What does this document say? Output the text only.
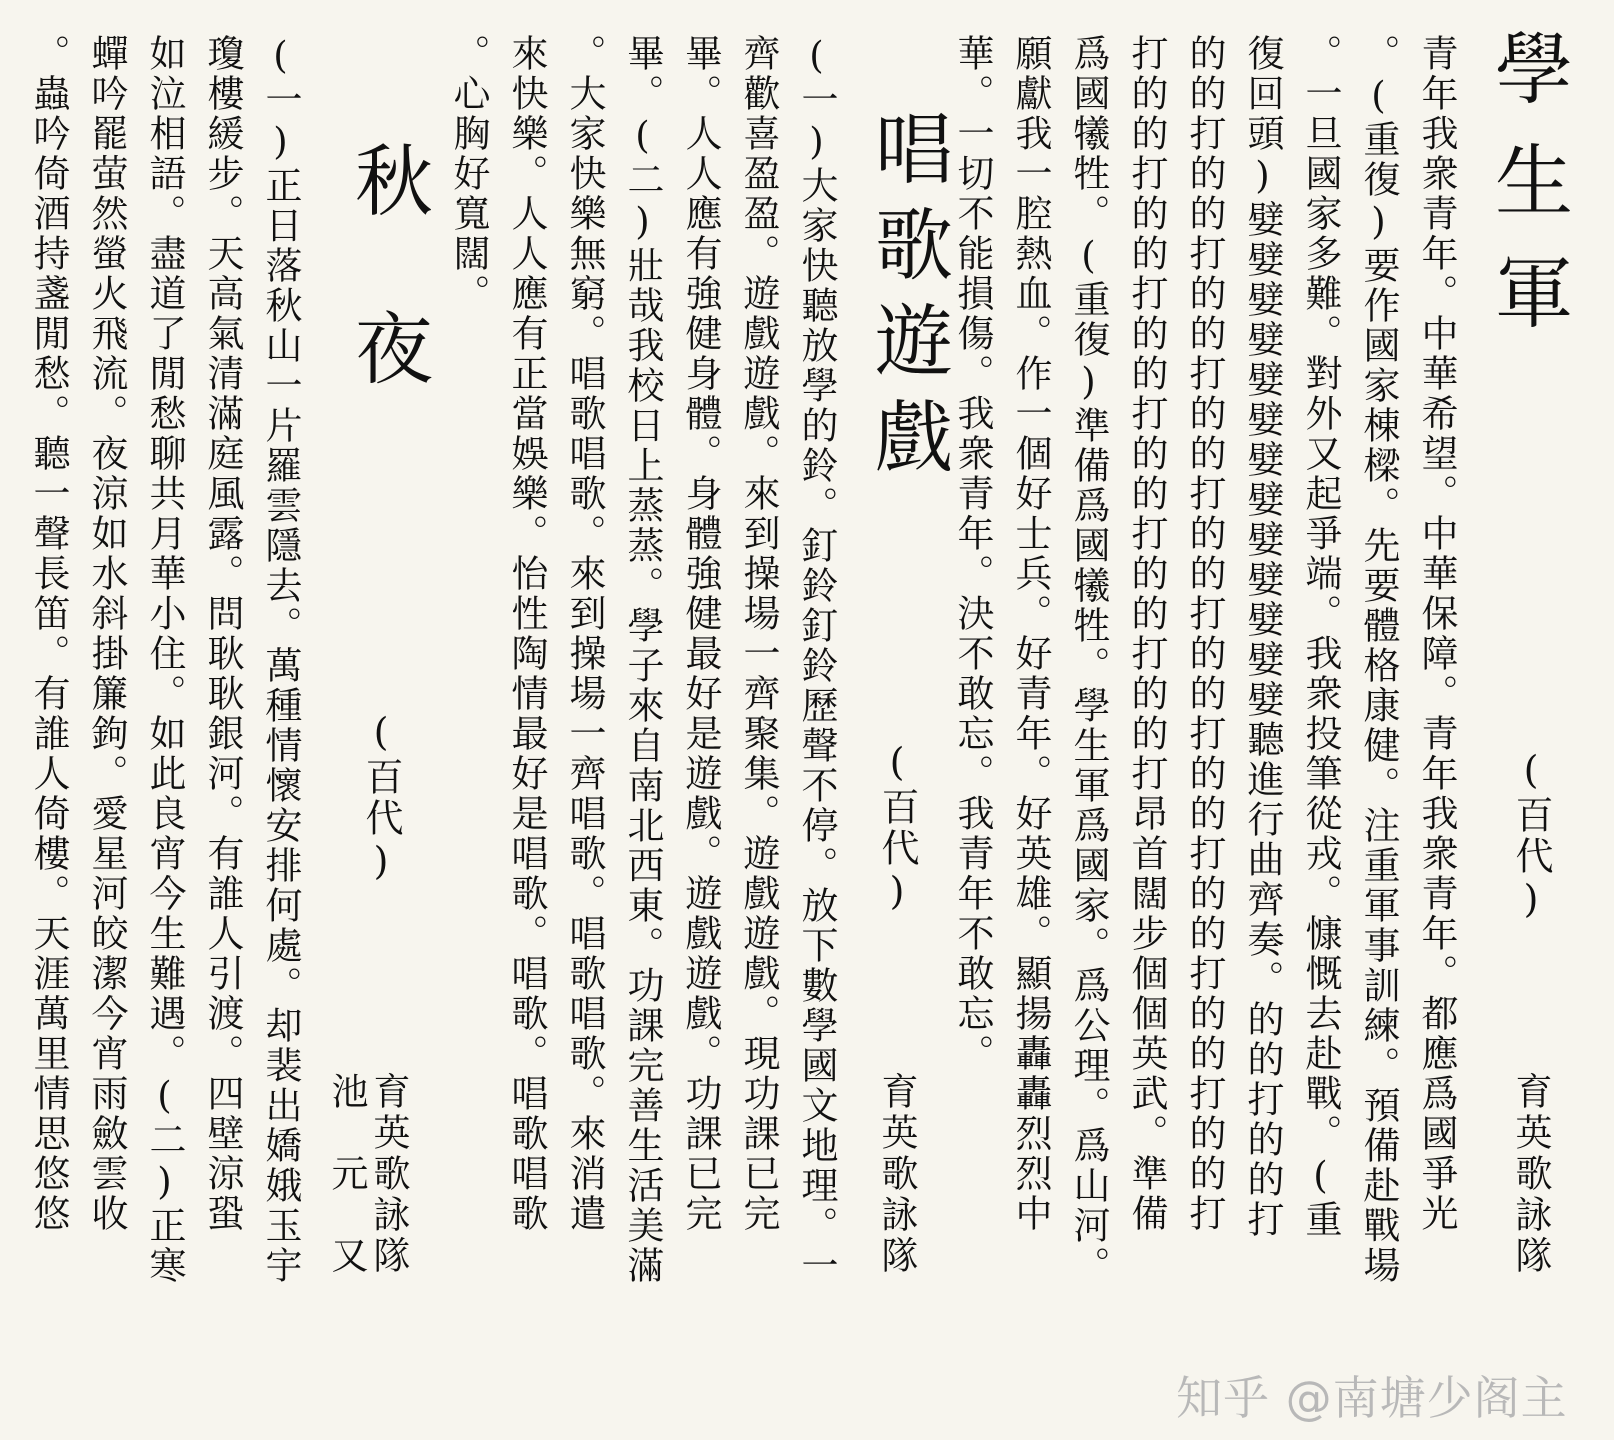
學生軍
(百代)
育英歌詠隊
青年我衆青年。中華希望。中華保障。青年我衆青年。都應爲國爭光
。(重復)要作國家棟樑。先要體格康健。注重軍事訓練。預備赴戰場
。一旦國家多難。對外又起爭端。我衆投筆從戎。慷慨去赴戰。(重
復回頭)嬖嬖嬖嬖嬖嬖嬖嬖嬖嬖嬖嬖嬖聽進行曲齊奏。的的打的的打
的的打的的打的的打的的打的的打的的打的的打的的打的的打的的打
打的的打的的打的的打的的打的的打的的打昂首闊步個個英武。準備
爲國犧牲。(重復)準備爲國犧牲。學生軍爲國家。爲公理。爲山河。
願獻我一腔熱血。作一個好士兵。好青年。好英雄。顯揚轟轟烈烈中
華。一切不能損傷。我衆青年。決不敢忘。我青年不敢忘。
唱歌遊戲
(百代)
育英歌詠隊
(一)大家快聽放學的鈴。釘鈴釘鈴歷聲不停。放下數學國文地理。一
齊歡喜盈盈。遊戲遊戲。來到操場一齊聚集。遊戲遊戲。現功課已完
畢。人人應有強健身體。身體強健最好是遊戲。遊戲遊戲。功課已完
畢。(二)壯哉我校日上蒸蒸。學子來自南北西東。功課完善生活美滿
。大家快樂無窮。唱歌唱歌。來到操場一齊唱歌。唱歌唱歌。來消遣
來快樂。人人應有正當娛樂。怡性陶情最好是唱歌。唱歌。唱歌唱歌
。心胸好寬闊。
秋夜
(百代)
育英歌詠隊
池　元　又
(一)正日落秋山一片羅雲隱去。萬種情懷安排何處。却裴出嬌娥玉宇
瓊樓緩步。天高氣清滿庭風露。問耿耿銀河。有誰人引渡。四壁涼蛩
如泣相語。盡道了閒愁聊共月華小住。如此良宵今生難遇。(二)正寒
蟬吟罷萤然螢火飛流。夜涼如水斜掛簾鉤。愛星河皎潔今宵雨斂雲收
。蟲吟倚酒持盞閒愁。聽一聲長笛。有誰人倚樓。天涯萬里情思悠悠
知乎 @南塘少阁主
